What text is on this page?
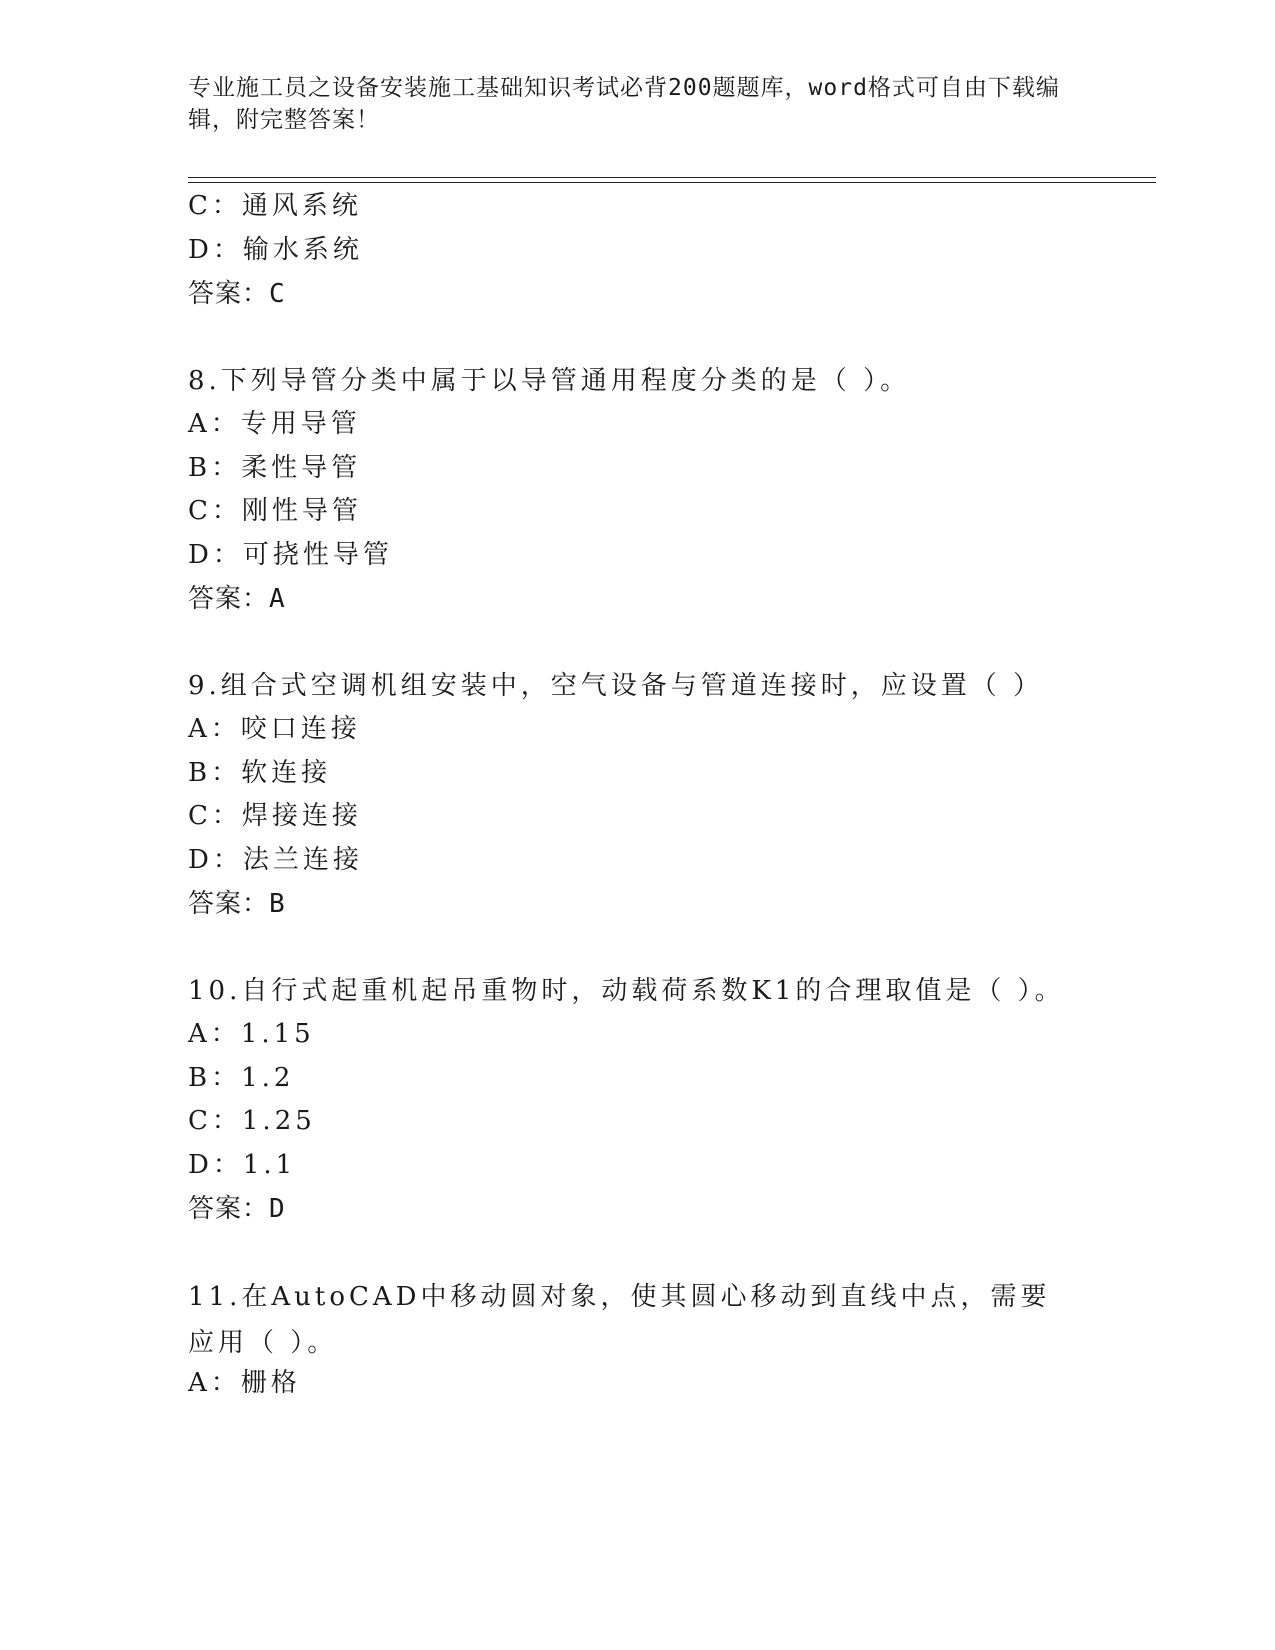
专业施工员之设备安装施工基础知识考试必背200题题库，word格式可自由下载编辑，附完整答案！
C：通风系统
D：输水系统
答案：C
8.下列导管分类中属于以导管通用程度分类的是（ ）。
A：专用导管
B：柔性导管
C：刚性导管
D：可挠性导管
答案：A
9.组合式空调机组安装中，空气设备与管道连接时，应设置（ ）
A：咬口连接
B：软连接
C：焊接连接
D：法兰连接
答案：B
10.自行式起重机起吊重物时，动载荷系数K1的合理取值是（ ）。
A：1.15
B：1.2
C：1.25
D：1.1
答案：D
11.在AutoCAD中移动圆对象，使其圆心移动到直线中点，需要应用（ ）。
A：栅格
